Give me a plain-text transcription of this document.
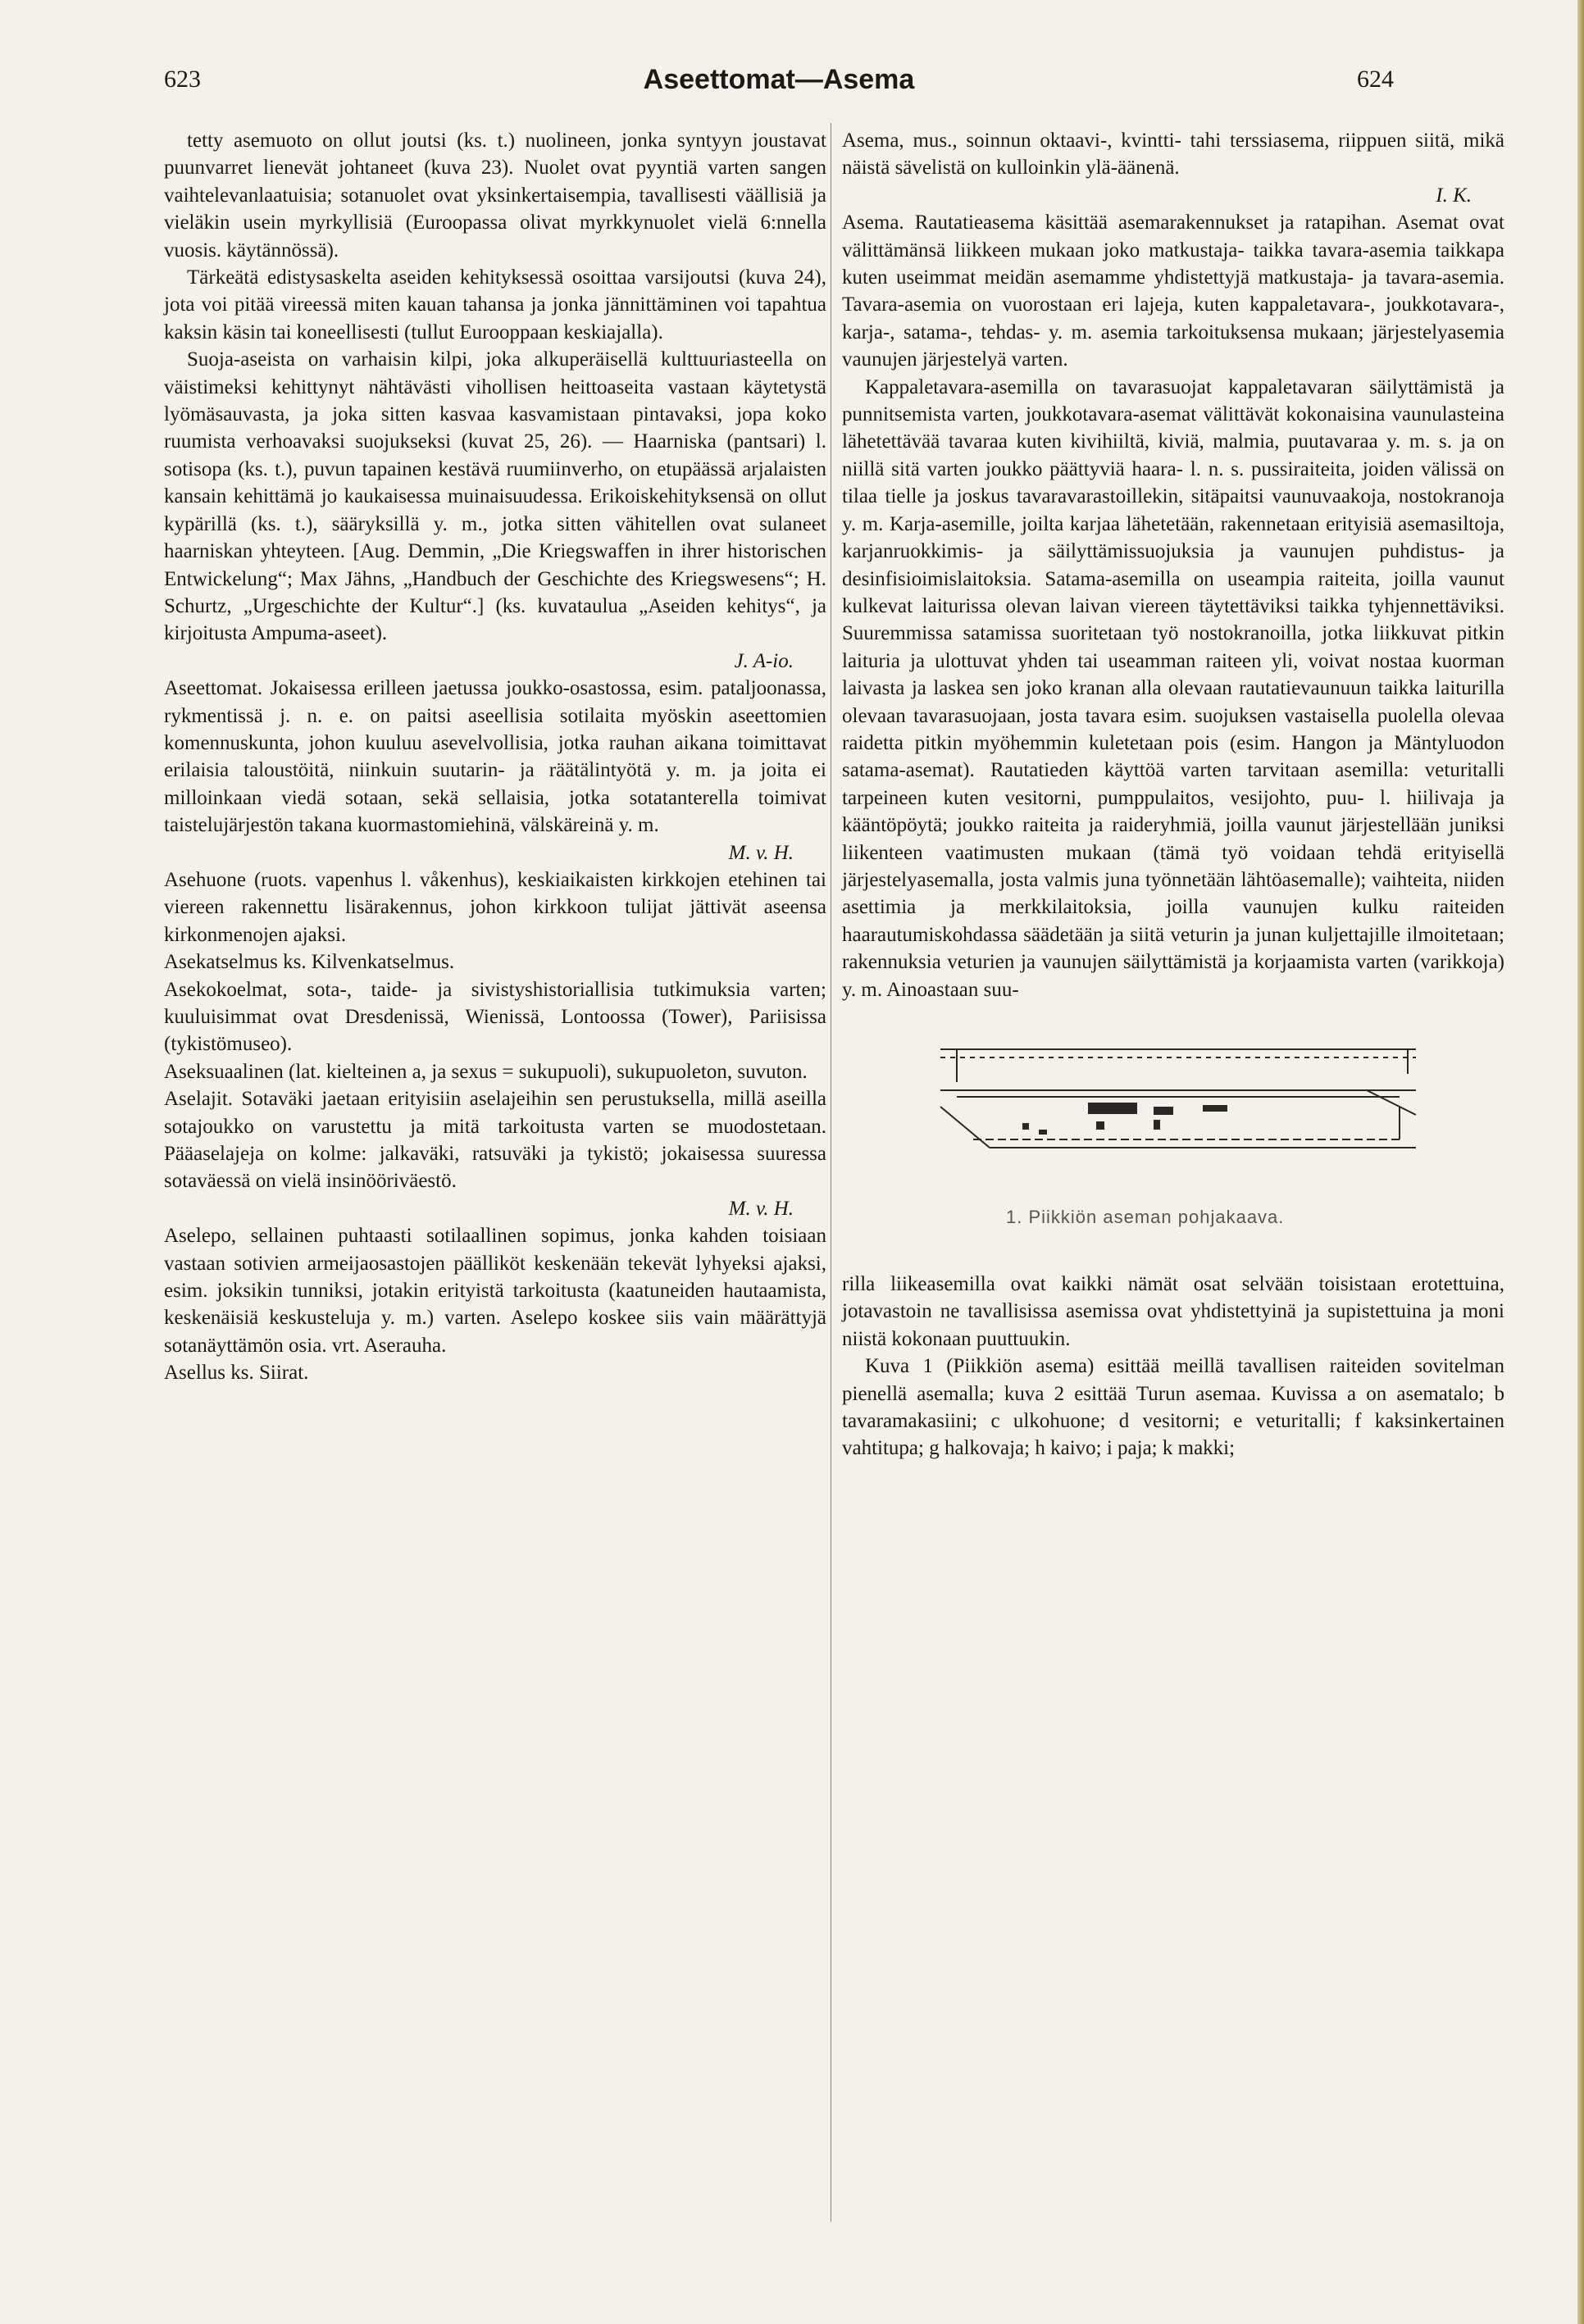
623	Aseettomat—Asema	624

tetty asemuoto on ollut joutsi (ks. t.) nuolineen, jonka syntyyn joustavat puunvarret lienevät johtaneet (kuva 23). Nuolet ovat pyyntiä varten sangen vaihtelevanlaatuisia; sotanuolet ovat yksinkertaisempia, tavallisesti väällisiä ja vieläkin usein myrkyllisiä (Euroopassa olivat myrkkynuolet vielä 6:nnella vuosis. käytännössä).

Tärkeätä edistysaskelta aseiden kehityksessä osoittaa varsijoutsi (kuva 24), jota voi pitää vireessä miten kauan tahansa ja jonka jännittäminen voi tapahtua kaksin käsin tai koneellisesti (tullut Eurooppaan keskiajalla).

Suoja-aseista on varhaisin kilpi, joka alkuperäisellä kulttuuriasteella on väistimeksi kehittynyt nähtävästi vihollisen heittoaseita vastaan käytetystä lyömäsauvasta, ja joka sitten kasvaa kasvamistaan pintavaksi, jopa koko ruumista verhoavaksi suojukseksi (kuvat 25, 26). — Haarniska (pantsari) l. sotisopa (ks. t.), puvun tapainen kestävä ruumiinverho, on etupäässä arjalaisten kansain kehittämä jo kaukaisessa muinaisuudessa. Erikoiskehityksensä on ollut kypärillä (ks. t.), sääryksillä y. m., jotka sitten vähitellen ovat sulaneet haarniskan yhteyteen. [Aug. Demmin, „Die Kriegswaffen in ihrer historischen Entwickelung“; Max Jähns, „Handbuch der Geschichte des Kriegswesens“; H. Schurtz, „Urgeschichte der Kultur“.] (ks. kuvataulua „Aseiden kehitys“, ja kirjoitusta Ampuma-aseet).

J. A-io.

Aseettomat. Jokaisessa erilleen jaetussa joukko-osastossa, esim. pataljoonassa, rykmentissä j. n. e. on paitsi aseellisia sotilaita myöskin aseettomien komennuskunta, johon kuuluu asevelvollisia, jotka rauhan aikana toimittavat erilaisia taloustöitä, niinkuin suutarin- ja räätälintyötä y. m. ja joita ei milloinkaan viedä sotaan, sekä sellaisia, jotka sotatanterella toimivat taistelujärjestön takana kuormastomiehinä, välskäreinä y. m.

M. v. H.

Asehuone (ruots. vapenhus l. våkenhus), keskiaikaisten kirkkojen etehinen tai viereen rakennettu lisärakennus, johon kirkkoon tulijat jättivät aseensa kirkonmenojen ajaksi.

Asekatselmus ks. Kilvenkatselmus.

Asekokoelmat, sota-, taide- ja sivistyshistoriallisia tutkimuksia varten; kuuluisimmat ovat Dresdenissä, Wienissä, Lontoossa (Tower), Pariisissa (tykistömuseo).

Aseksuaalinen (lat. kielteinen a, ja sexus = sukupuoli), sukupuoleton, suvuton.

Aselajit. Sotaväki jaetaan erityisiin aselajeihin sen perustuksella, millä aseilla sotajoukko on varustettu ja mitä tarkoitusta varten se muodostetaan. Pääaselajeja on kolme: jalkaväki, ratsuväki ja tykistö; jokaisessa suuressa sotaväessä on vielä insinööriväestö.

M. v. H.

Aselepo, sellainen puhtaasti sotilaallinen sopimus, jonka kahden toisiaan vastaan sotivien armeijaosastojen päälliköt keskenään tekevät lyhyeksi ajaksi, esim. joksikin tunniksi, jotakin erityistä tarkoitusta (kaatuneiden hautaamista, keskenäisiä keskusteluja y. m.) varten. Aselepo koskee siis vain määrättyjä sotanäyttämön osia. vrt. Aserauha.

Asellus ks. Siirat.

Asema, mus., soinnun oktaavi-, kvintti- tahi terssiasema, riippuen siitä, mikä näistä sävelistä on kulloinkin ylä-äänenä.

I. K.

Asema. Rautatieasema käsittää asemarakennukset ja ratapihan. Asemat ovat välittämänsä liikkeen mukaan joko matkustaja- taikka tavara-asemia taikkapa kuten useimmat meidän asemamme yhdistettyjä matkustaja- ja tavara-asemia. Tavara-asemia on vuorostaan eri lajeja, kuten kappaletavara-, joukkotavara-, karja-, satama-, tehdas- y. m. asemia tarkoituksensa mukaan; järjestelyasemia vaunujen järjestelyä varten.

Kappaletavara-asemilla on tavarasuojat kappaletavaran säilyttämistä ja punnitsemista varten, joukkotavara-asemat välittävät kokonaisina vaunulasteina lähetettävää tavaraa kuten kivihiiltä, kiviä, malmia, puutavaraa y. m. s. ja on niillä sitä varten joukko päättyviä haara- l. n. s. pussiraiteita, joiden välissä on tilaa tielle ja joskus tavaravarastoillekin, sitäpaitsi vaunuvaakoja, nostokranoja y. m. Karja-asemille, joilta karjaa lähetetään, rakennetaan erityisiä asemasiltoja, karjanruokkimis- ja säilyttämissuojuksia ja vaunujen puhdistus- ja desinfisioimislaitoksia. Satama-asemilla on useampia raiteita, joilla vaunut kulkevat laiturissa olevan laivan viereen täytettäviksi taikka tyhjennettäviksi. Suuremmissa satamissa suoritetaan työ nostokranoilla, jotka liikkuvat pitkin laituria ja ulottuvat yhden tai useamman raiteen yli, voivat nostaa kuorman laivasta ja laskea sen joko kranan alla olevaan rautatievaunuun taikka laiturilla olevaan tavarasuojaan, josta tavara esim. suojuksen vastaisella puolella olevaa raidetta pitkin myöhemmin kuletetaan pois (esim. Hangon ja Mäntyluodon satama-asemat). Rautatieden käyttöä varten tarvitaan asemilla: veturitalli tarpeineen kuten vesitorni, pumppulaitos, vesijohto, puu- l. hiilivaja ja kääntöpöytä; joukko raiteita ja raideryhmiä, joilla vaunut järjestellään juniksi liikenteen vaatimusten mukaan (tämä työ voidaan tehdä erityisellä järjestelyasemalla, josta valmis juna työnnetään lähtöasemalle); vaihteita, niiden asettimia ja merkkilaitoksia, joilla vaunujen kulku raiteiden haarautumiskohdassa säädetään ja siitä veturin ja junan kuljettajille ilmoitetaan; rakennuksia veturien ja vaunujen säilyttämistä ja korjaamista varten (varikkoja) y. m. Ainoastaan suu-

1. Piikkiön aseman pohjakaava.

rilla liikeasemilla ovat kaikki nämät osat selvään toisistaan erotettuina, jotavastoin ne tavallisissa asemissa ovat yhdistettyinä ja supistettuina ja moni niistä kokonaan puuttuukin.

Kuva 1 (Piikkiön asema) esittää meillä tavallisen raiteiden sovitelman pienellä asemalla; kuva 2 esittää Turun asemaa. Kuvissa a on asematalo; b tavaramakasiini; c ulkohuone; d vesitorni; e veturitalli; f kaksinkertainen vahtitupa; g halkovaja; h kaivo; i paja; k makki;
